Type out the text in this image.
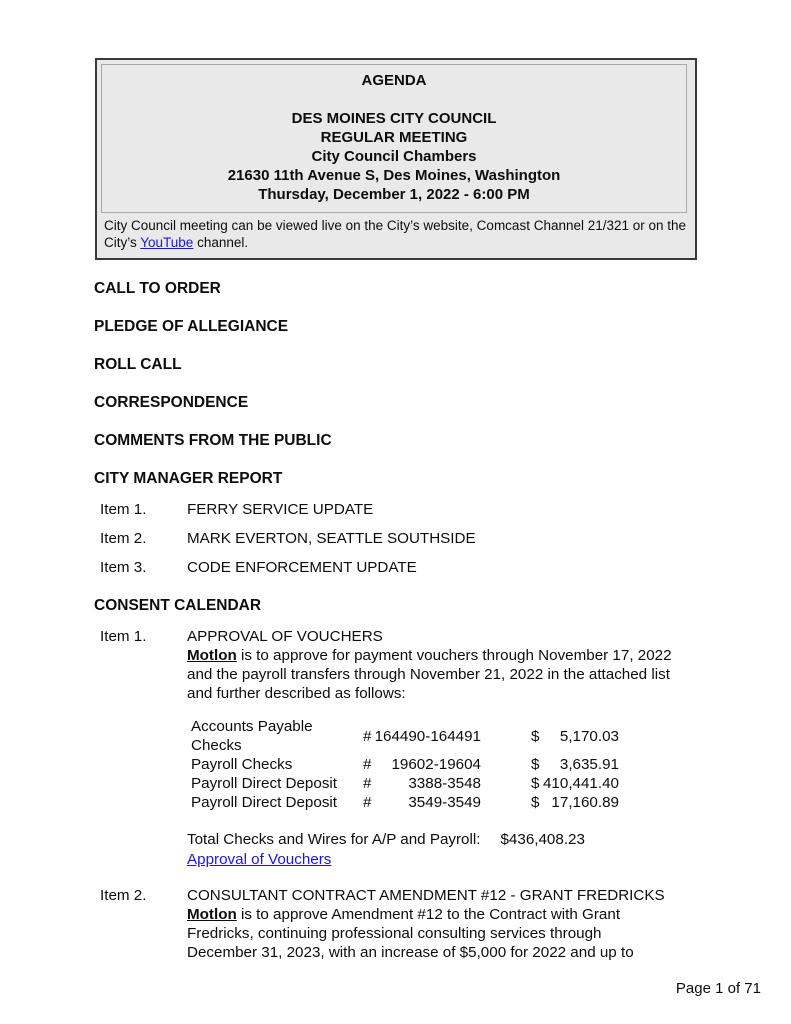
AGENDA
DES MOINES CITY COUNCIL
REGULAR MEETING
City Council Chambers
21630 11th Avenue S, Des Moines, Washington
Thursday, December 1, 2022 - 6:00 PM
City Council meeting can be viewed live on the City’s website, Comcast Channel 21/321 or on the City’s YouTube channel.
CALL TO ORDER
PLEDGE OF ALLEGIANCE
ROLL CALL
CORRESPONDENCE
COMMENTS FROM THE PUBLIC
CITY MANAGER REPORT
Item 1.	FERRY SERVICE UPDATE
Item 2.	MARK EVERTON, SEATTLE SOUTHSIDE
Item 3.	CODE ENFORCEMENT UPDATE
CONSENT CALENDAR
Item 1.	APPROVAL OF VOUCHERS

Motlon is to approve for payment vouchers through November 17, 2022 and the payroll transfers through November 21, 2022 in the attached list and further described as follows:

Accounts Payable Checks
# 164490-164491	$ 5,170.03
Payroll Checks	# 19602-19604	$ 3,635.91
Payroll Direct Deposit	# 3388-3548	$ 410,441.40
Payroll Direct Deposit	# 3549-3549	$ 17,160.89
Total Checks and Wires for A/P and Payroll: $436,408.23
Approval of Vouchers
Item 2.	CONSULTANT CONTRACT AMENDMENT #12 - GRANT FREDRICKS

Motlon is to approve Amendment #12 to the Contract with Grant Fredricks, continuing professional consulting services through December 31, 2023, with an increase of $5,000 for 2022 and up to

Page 1 of 71
